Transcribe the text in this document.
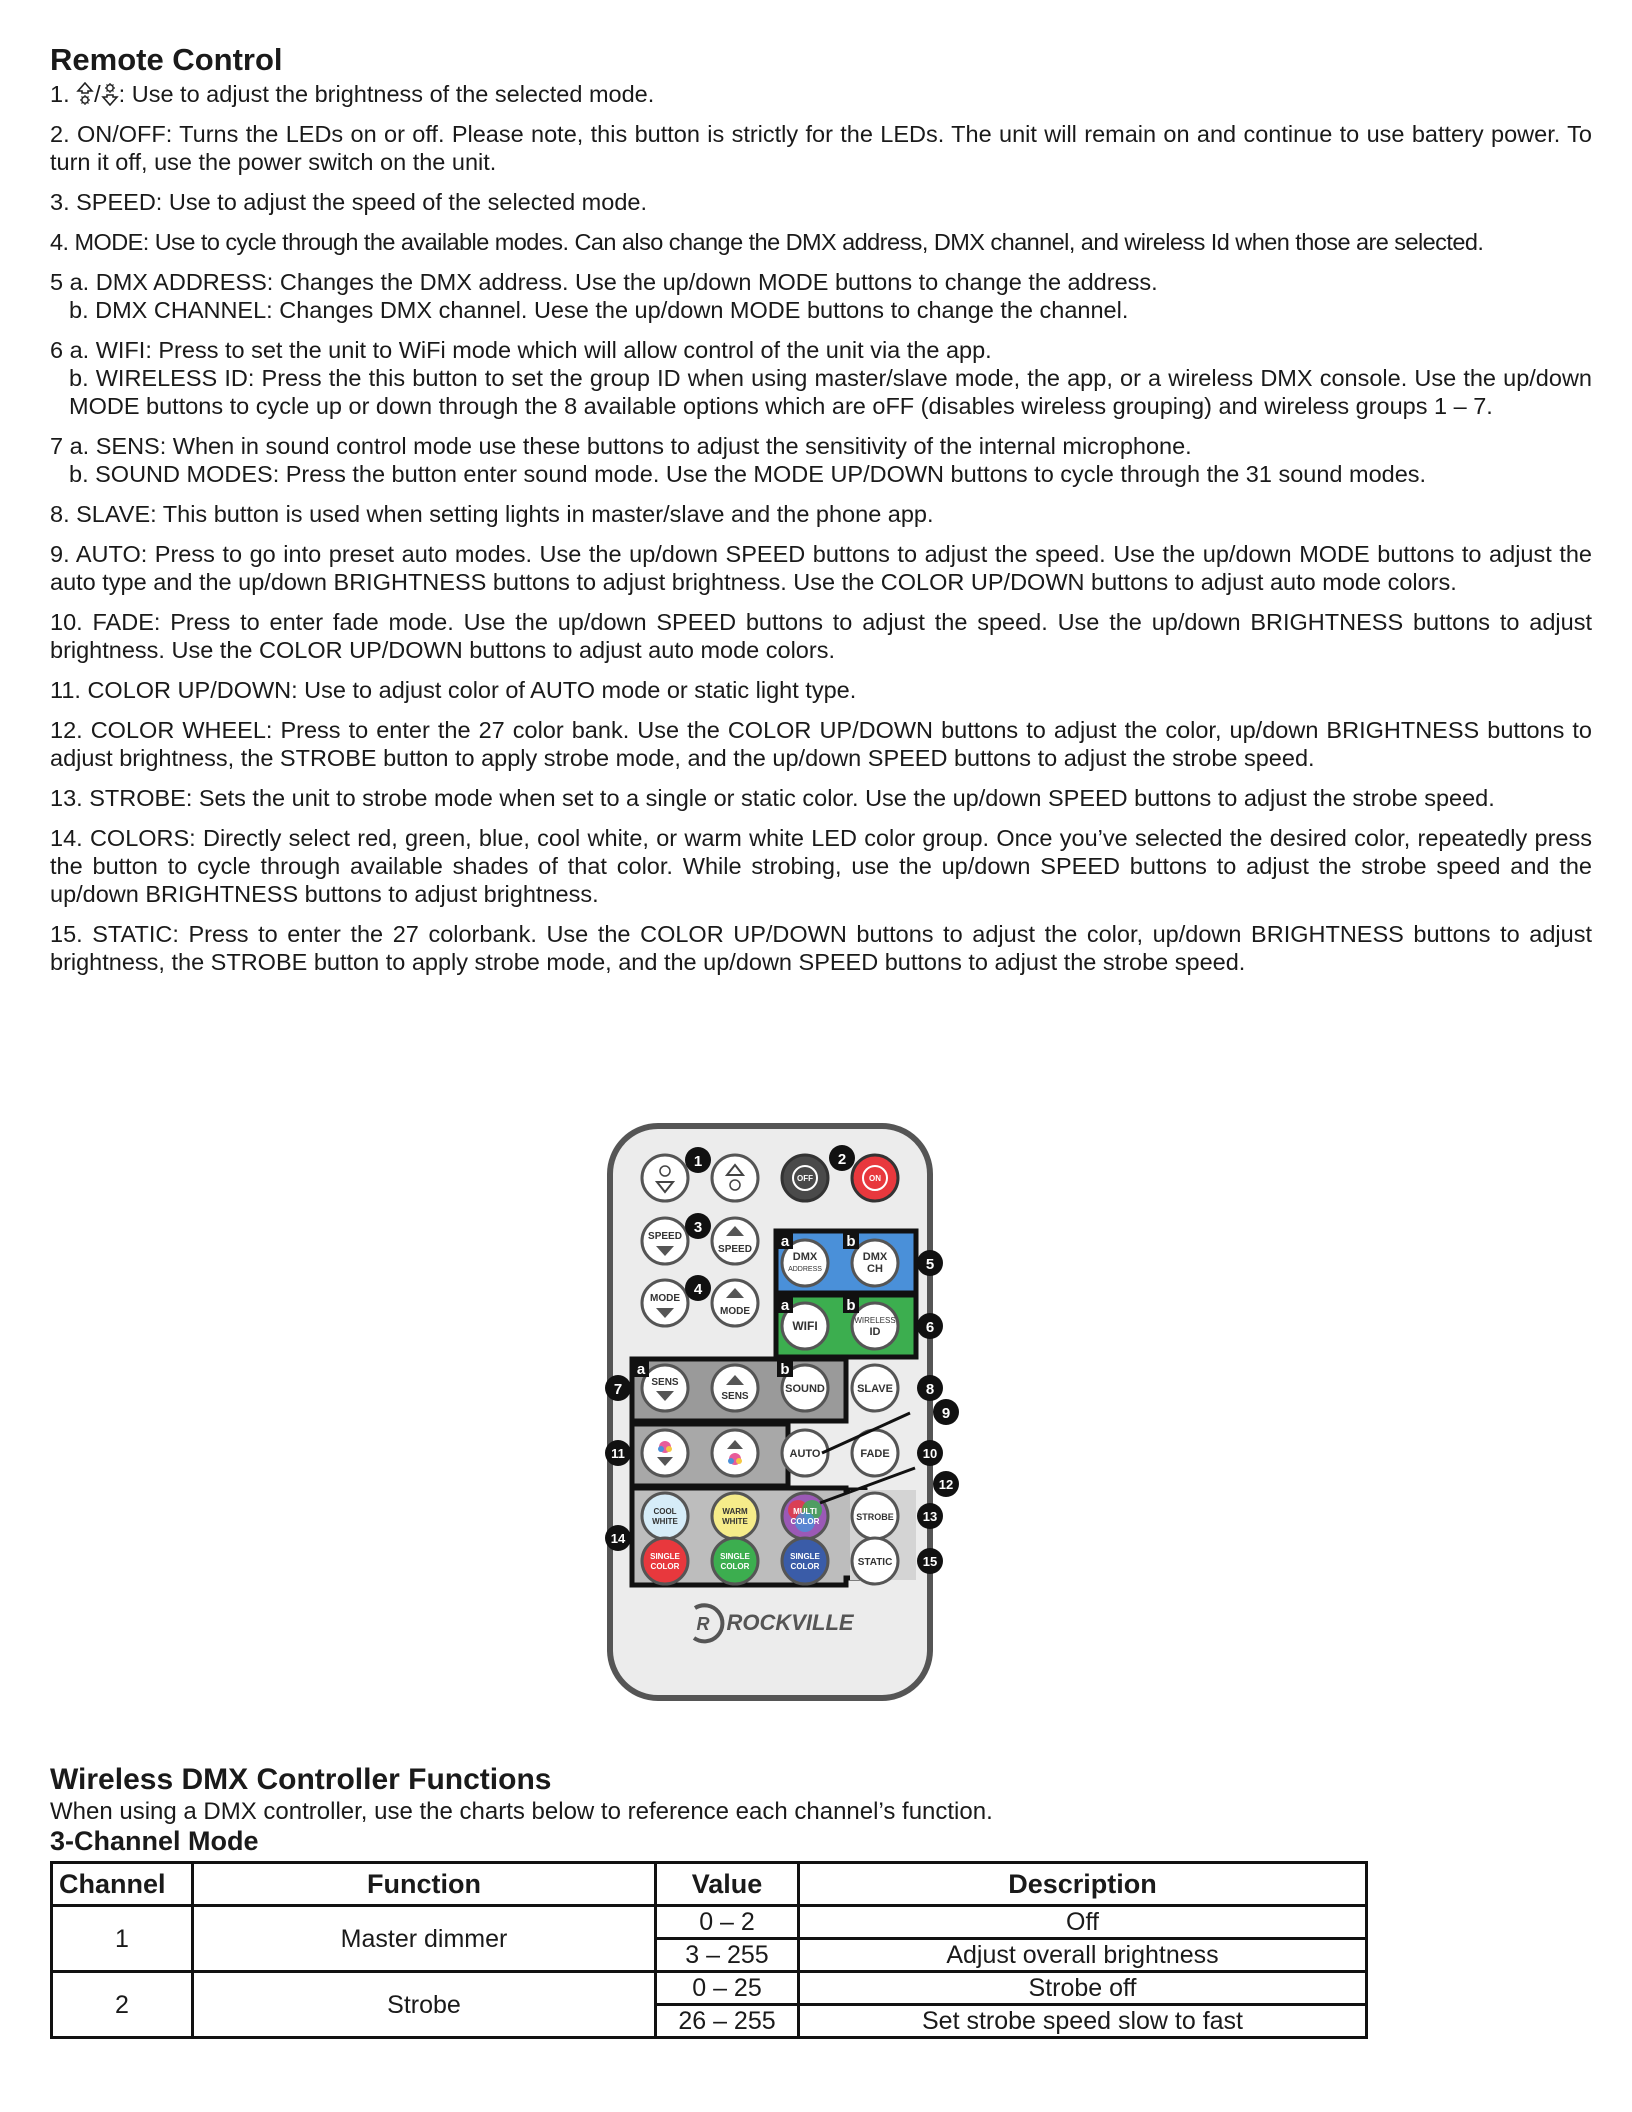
Remote Control

1. / : Use to adjust the brightness of the selected mode.

2. ON/OFF: Turns the LEDs on or off. Please note, this button is strictly for the LEDs. The unit will remain on and continue to use battery power. To turn it off, use the power switch on the unit.

3. SPEED: Use to adjust the speed of the selected mode.

4. MODE: Use to cycle through the available modes. Can also change the DMX address, DMX channel, and wireless Id when those are selected.

5 a. DMX ADDRESS: Changes the DMX address. Use the up/down MODE buttons to change the address.
b. DMX CHANNEL: Changes DMX channel. Uese the up/down MODE buttons to change the channel.

6 a. WIFI: Press to set the unit to WiFi mode which will allow control of the unit via the app.
b. WIRELESS ID: Press the this button to set the group ID when using master/slave mode, the app, or a wireless DMX console. Use the up/down MODE buttons to cycle up or down through the 8 available options which are oFF (disables wireless grouping) and wireless groups 1 – 7.

7 a. SENS: When in sound control mode use these buttons to adjust the sensitivity of the internal microphone.
b. SOUND MODES: Press the button enter sound mode. Use the MODE UP/DOWN buttons to cycle through the 31 sound modes.

8. SLAVE: This button is used when setting lights in master/slave and the phone app.

9. AUTO: Press to go into preset auto modes. Use the up/down SPEED buttons to adjust the speed. Use the up/down MODE buttons to adjust the auto type and the up/down BRIGHTNESS buttons to adjust brightness. Use the COLOR UP/DOWN buttons to adjust auto mode colors.

10. FADE: Press to enter fade mode. Use the up/down SPEED buttons to adjust the speed. Use the up/down BRIGHTNESS buttons to adjust brightness. Use the COLOR UP/DOWN buttons to adjust auto mode colors.

11. COLOR UP/DOWN: Use to adjust color of AUTO mode or static light type.

12. COLOR WHEEL: Press to enter the 27 color bank. Use the COLOR UP/DOWN buttons to adjust the color, up/down BRIGHTNESS buttons to adjust brightness, the STROBE button to apply strobe mode, and the up/down SPEED buttons to adjust the strobe speed.

13. STROBE: Sets the unit to strobe mode when set to a single or static color. Use the up/down SPEED buttons to adjust the strobe speed.

14. COLORS: Directly select red, green, blue, cool white, or warm white LED color group. Once you’ve selected the desired color, repeatedly press the button to cycle through available shades of that color. While strobing, use the up/down SPEED buttons to adjust the strobe speed and the up/down BRIGHTNESS buttons to adjust brightness.

15. STATIC: Press to enter the 27 colorbank. Use the COLOR UP/DOWN buttons to adjust the color, up/down BRIGHTNESS buttons to adjust brightness, the STROBE button to apply strobe mode, and the up/down SPEED buttons to adjust the strobe speed.

OFF	ON
SPEED
SPEED
DMX
ADDRESS
DMX
CH
MODE
MODE
WIFI	WIRELESS
ID
SENS
SENS
SOUND	SLAVE
AUTO	FADE
COOL
WHITE
WARM
WHITE
MULTI
COLOR	STROBE
SINGLE
COLOR
SINGLE
COLOR
SINGLE
COLOR	STATIC
a	b
a	b
a	b
1	2
3
4
5
6
7	8
9
10
11
12
13
14
15
R ROCKVILLE
Wireless DMX Controller Functions

When using a DMX controller, use the charts below to reference each channel’s function.

3-Channel Mode
Channel	Function	Value	Description
1	Master dimmer	0 – 2	Off
		3 – 255	Adjust overall brightness
2	Strobe	0 – 25	Strobe off
		26 – 255	Set strobe speed slow to fast
